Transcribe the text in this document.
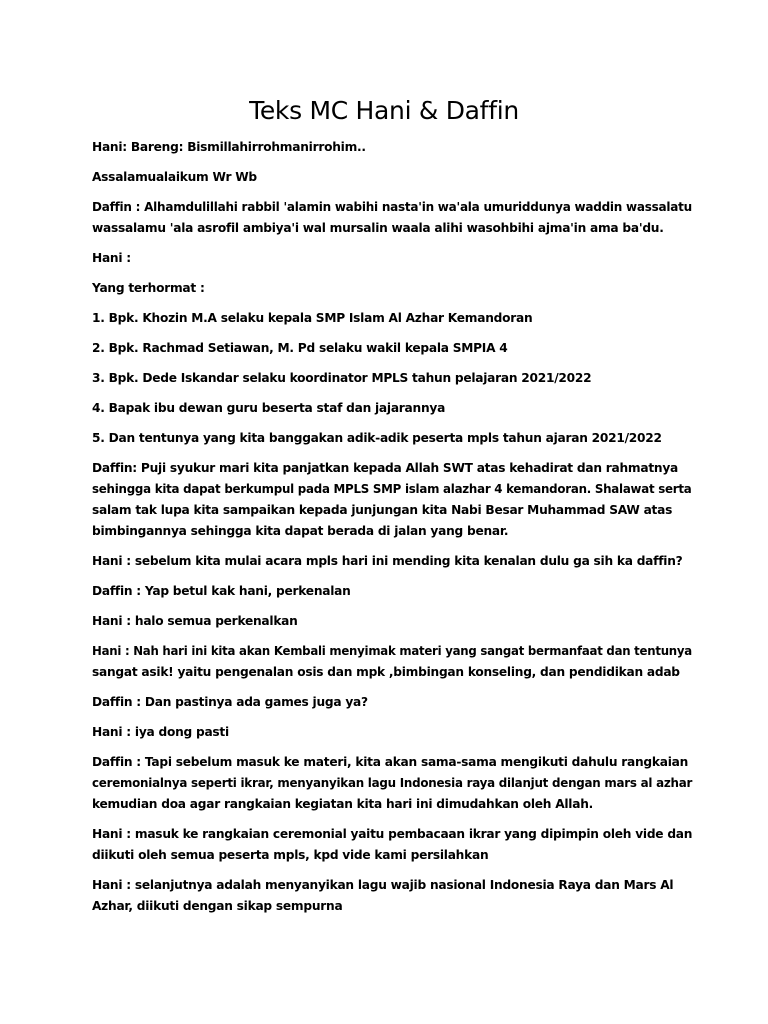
Teks MC Hani & Daffin

Hani: Bareng: Bismillahirrohmanirrohim..

Assalamualaikum Wr Wb

Daffin : Alhamdulillahi rabbil 'alamin wabihi nasta'in wa'ala umuriddunya waddin wassalatu
wassalamu 'ala asrofil ambiya'i wal mursalin waala alihi wasohbihi ajma'in ama ba'du.

Hani :

Yang terhormat :

1. Bpk. Khozin M.A selaku kepala SMP Islam Al Azhar Kemandoran

2. Bpk. Rachmad Setiawan, M. Pd selaku wakil kepala SMPIA 4

3. Bpk. Dede Iskandar selaku koordinator MPLS tahun pelajaran 2021/2022

4. Bapak ibu dewan guru beserta staf dan jajarannya

5. Dan tentunya yang kita banggakan adik-adik peserta mpls tahun ajaran 2021/2022

Daffin: Puji syukur mari kita panjatkan kepada Allah SWT atas kehadirat dan rahmatnya
sehingga kita dapat berkumpul pada MPLS SMP islam alazhar 4 kemandoran. Shalawat serta
salam tak lupa kita sampaikan kepada junjungan kita Nabi Besar Muhammad SAW atas
bimbingannya sehingga kita dapat berada di jalan yang benar.

Hani : sebelum kita mulai acara mpls hari ini mending kita kenalan dulu ga sih ka daffin?

Daffin : Yap betul kak hani, perkenalan

Hani : halo semua perkenalkan

Hani : Nah hari ini kita akan Kembali menyimak materi yang sangat bermanfaat dan tentunya
sangat asik! yaitu pengenalan osis dan mpk ,bimbingan konseling, dan pendidikan adab

Daffin : Dan pastinya ada games juga ya?

Hani : iya dong pasti

Daffin : Tapi sebelum masuk ke materi, kita akan sama-sama mengikuti dahulu rangkaian
ceremonialnya seperti ikrar, menyanyikan lagu Indonesia raya dilanjut dengan mars al azhar
kemudian doa agar rangkaian kegiatan kita hari ini dimudahkan oleh Allah.

Hani : masuk ke rangkaian ceremonial yaitu pembacaan ikrar yang dipimpin oleh vide dan
diikuti oleh semua peserta mpls, kpd vide kami persilahkan

Hani : selanjutnya adalah menyanyikan lagu wajib nasional Indonesia Raya dan Mars Al
Azhar, diikuti dengan sikap sempurna
